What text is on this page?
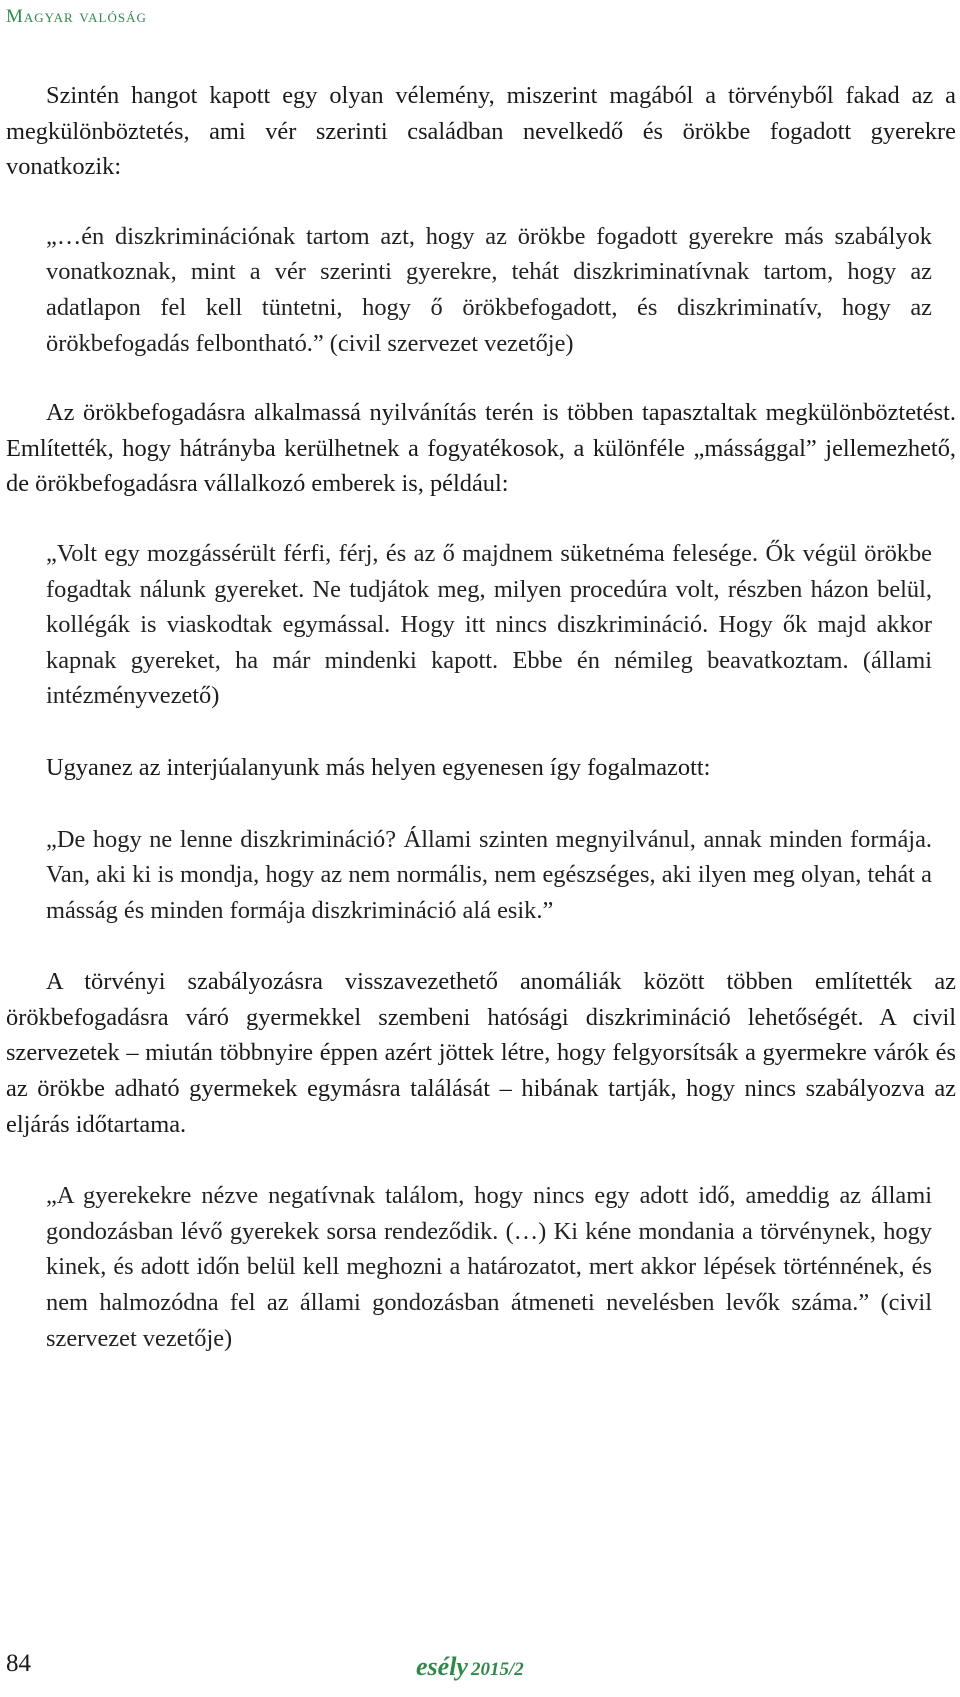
Magyar valóság

Szintén hangot kapott egy olyan vélemény, miszerint magából a törvényből fakad az a megkülönböztetés, ami vér szerinti családban nevelkedő és örökbe fogadott gyerekre vonatkozik:

„…én diszkriminációnak tartom azt, hogy az örökbe fogadott gyerekre más szabályok vonatkoznak, mint a vér szerinti gyerekre, tehát diszkriminatívnak tartom, hogy az adatlapon fel kell tüntetni, hogy ő örökbefogadott, és diszkriminatív, hogy az örökbefogadás felbontható.” (civil szervezet vezetője)

Az örökbefogadásra alkalmassá nyilvánítás terén is többen tapasztaltak megkülönböztetést. Említették, hogy hátrányba kerülhetnek a fogyatékosok, a különféle „mássággal” jellemezhető, de örökbefogadásra vállalkozó emberek is, például:

„Volt egy mozgássérült férfi, férj, és az ő majdnem süketnéma felesége. Ők végül örökbe fogadtak nálunk gyereket. Ne tudjátok meg, milyen procedúra volt, részben házon belül, kollégák is viaskodtak egymással. Hogy itt nincs diszkrimináció. Hogy ők majd akkor kapnak gyereket, ha már mindenki kapott. Ebbe én némileg beavatkoztam. (állami intézményvezető)

Ugyanez az interjúalanyunk más helyen egyenesen így fogalmazott:

„De hogy ne lenne diszkrimináció? Állami szinten megnyilvánul, annak minden formája. Van, aki ki is mondja, hogy az nem normális, nem egészséges, aki ilyen meg olyan, tehát a másság és minden formája diszkrimináció alá esik.”

A törvényi szabályozásra visszavezethető anomáliák között többen említették az örökbefogadásra váró gyermekkel szembeni hatósági diszkrimináció lehetőségét. A civil szervezetek – miután többnyire éppen azért jöttek létre, hogy felgyorsítsák a gyermekre várók és az örökbe adható gyermekek egymásra találását – hibának tartják, hogy nincs szabályozva az eljárás időtartama.

„A gyerekekre nézve negatívnak találom, hogy nincs egy adott idő, ameddig az állami gondozásban lévő gyerekek sorsa rendeződik. (…) Ki kéne mondania a törvénynek, hogy kinek, és adott időn belül kell meghozni a határozatot, mert akkor lépések történnének, és nem halmozódna fel az állami gondozásban átmeneti nevelésben levők száma.” (civil szervezet vezetője)

84	esély 2015/2
